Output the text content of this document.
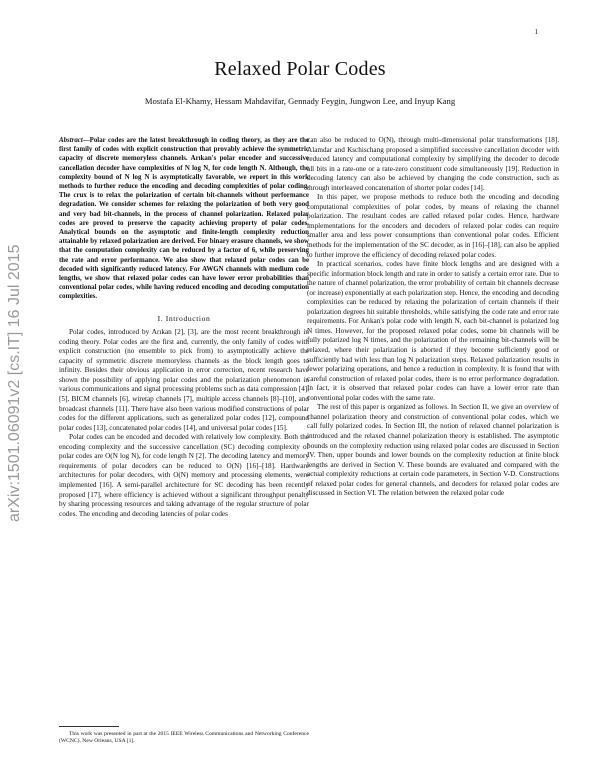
1
Relaxed Polar Codes
Mostafa El-Khamy, Hessam Mahdavifar, Gennady Feygin, Jungwon Lee, and Inyup Kang
arXiv:1501.06091v2 [cs.IT] 16 Jul 2015
Abstract—Polar codes are the latest breakthrough in coding theory, as they are the first family of codes with explicit construction that provably achieve the symmetric capacity of discrete memoryless channels. Arıkan's polar encoder and successive cancellation decoder have complexities of N log N, for code length N. Although, the complexity bound of N log N is asymptotically favorable, we report in this work methods to further reduce the encoding and decoding complexities of polar coding. The crux is to relax the polarization of certain bit-channels without performance degradation. We consider schemes for relaxing the polarization of both very good and very bad bit-channels, in the process of channel polarization. Relaxed polar codes are proved to preserve the capacity achieving property of polar codes. Analytical bounds on the asymptotic and finite-length complexity reduction attainable by relaxed polarization are derived. For binary erasure channels, we show that the computation complexity can be reduced by a factor of 6, while preserving the rate and error performance. We also show that relaxed polar codes can be decoded with significantly reduced latency. For AWGN channels with medium code lengths, we show that relaxed polar codes can have lower error probabilities than conventional polar codes, while having reduced encoding and decoding computation complexities.
I. Introduction

Polar codes, introduced by Arıkan [2], [3], are the most recent breakthrough in coding theory. Polar codes are the first and, currently, the only family of codes with explicit construction (no ensemble to pick from) to asymptotically achieve the capacity of symmetric discrete memoryless channels as the block length goes to infinity. Besides their obvious application in error correction, recent research have shown the possibility of applying polar codes and the polarization phenomenon in various communications and signal processing problems such as data compression [4], [5], BICM channels [6], wiretap channels [7], multiple access channels [8]–[10], and broadcast channels [11]. There have also been various modified constructions of polar codes for the different applications, such as generalized polar codes [12], compound polar codes [13], concatenated polar codes [14], and universal polar codes [15].

Polar codes can be encoded and decoded with relatively low complexity. Both the encoding complexity and the successive cancellation (SC) decoding complexity of polar codes are O(N log N), for code length N [2]. The decoding latency and memory requirements of polar decoders can be reduced to O(N) [16]–[18]. Hardware architectures for polar decoders, with O(N) memory and processing elements, were implemented [16]. A semi-parallel architecture for SC decoding has been recently proposed [17], where efficiency is achieved without a significant throughput penalty by sharing processing resources and taking advantage of the regular structure of polar codes. The encoding and decoding latencies of polar codes

can also be reduced to O(N), through multi-dimensional polar transformations [18]. Alamdar and Kschischang proposed a simplified successive cancellation decoder with reduced latency and computational complexity by simplifying the decoder to decode all bits in a rate-one or a rate-zero constituent code simultaneously [19]. Reduction in decoding latency can also be achieved by changing the code construction, such as through interleaved concatenation of shorter polar codes [14].

In this paper, we propose methods to reduce both the encoding and decoding computational complexities of polar codes, by means of relaxing the channel polarization. The resultant codes are called relaxed polar codes. Hence, hardware implementations for the encoders and decoders of relaxed polar codes can require smaller area and less power consumptions than conventional polar codes. Efficient methods for the implementation of the SC decoder, as in [16]–[18], can also be applied to further improve the efficiency of decoding relaxed polar codes.

In practical scenarios, codes have finite block lengths and are designed with a specific information block length and rate in order to satisfy a certain error rate. Due to the nature of channel polarization, the error probability of certain bit channels decrease (or increase) exponentially at each polarization step. Hence, the encoding and decoding complexities can be reduced by relaxing the polarization of certain channels if their polarization degrees hit suitable thresholds, while satisfying the code rate and error rate requirements. For Arıkan's polar code with length N, each bit-channel is polarized log N times. However, for the proposed relaxed polar codes, some bit channels will be fully polarized log N times, and the polarization of the remaining bit-channels will be relaxed, where their polarization is aborted if they become sufficiently good or sufficiently bad with less than log N polarization steps. Relaxed polarization results in fewer polarizing operations, and hence a reduction in complexity. It is found that with careful construction of relaxed polar codes, there is no error performance degradation. In fact, it is observed that relaxed polar codes can have a lower error rate than conventional polar codes with the same rate.

The rest of this paper is organized as follows. In Section II, we give an overview of channel polarization theory and construction of conventional polar codes, which we call fully polarized codes. In Section III, the notion of relaxed channel polarization is introduced and the relaxed channel polarization theory is established. The asymptotic bounds on the complexity reduction using relaxed polar codes are discussed in Section IV. Then, upper bounds and lower bounds on the complexity reduction at finite block lengths are derived in Section V. These bounds are evaluated and compared with the actual complexity reductions at certain code parameters, in Section V-D. Constructions of relaxed polar codes for general channels, and decoders for relaxed polar codes are discussed in Section VI. The relation between the relaxed polar code

This work was presented in part at the 2015 IEEE Wireless Communications and Networking Conference (WCNC), New Orleans, USA [1].
